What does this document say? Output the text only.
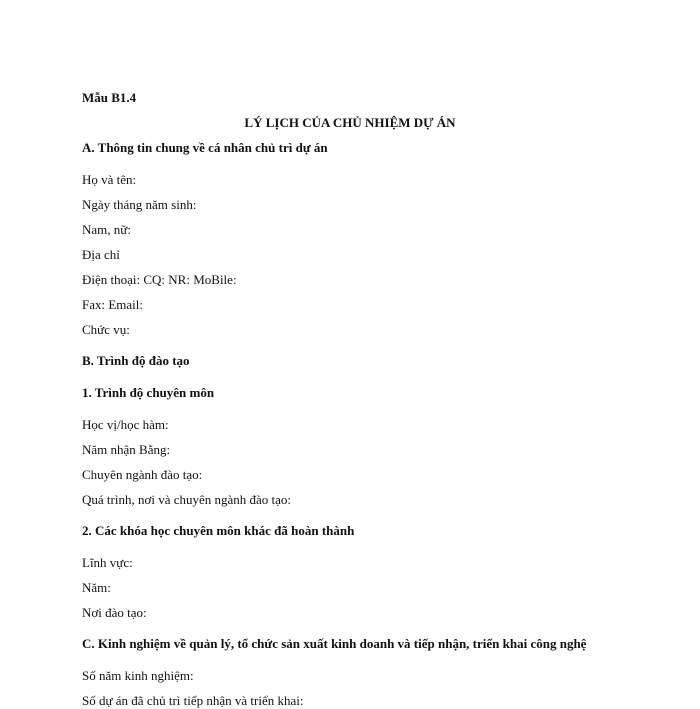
Mẫu B1.4
LÝ LỊCH CỦA CHỦ NHIỆM DỰ ÁN
A. Thông tin chung về cá nhân chủ trì dự án
Họ và tên:
Ngày tháng năm sinh:
Nam, nữ:
Địa chỉ
Điện thoại: CQ: NR: MoBile:
Fax: Email:
Chức vụ:
B. Trình độ đào tạo
1. Trình độ chuyên môn
Học vị/học hàm:
Năm nhận Bằng:
Chuyên ngành đào tạo:
Quá trình, nơi và chuyên ngành đào tạo:
2. Các khóa học chuyên môn khác đã hoàn thành
Lĩnh vực:
Năm:
Nơi đào tạo:
C. Kinh nghiệm về quản lý, tổ chức sản xuất kinh doanh và tiếp nhận, triển khai công nghệ
Số năm kinh nghiệm:
Số dự án đã chủ trì tiếp nhận và triển khai:
